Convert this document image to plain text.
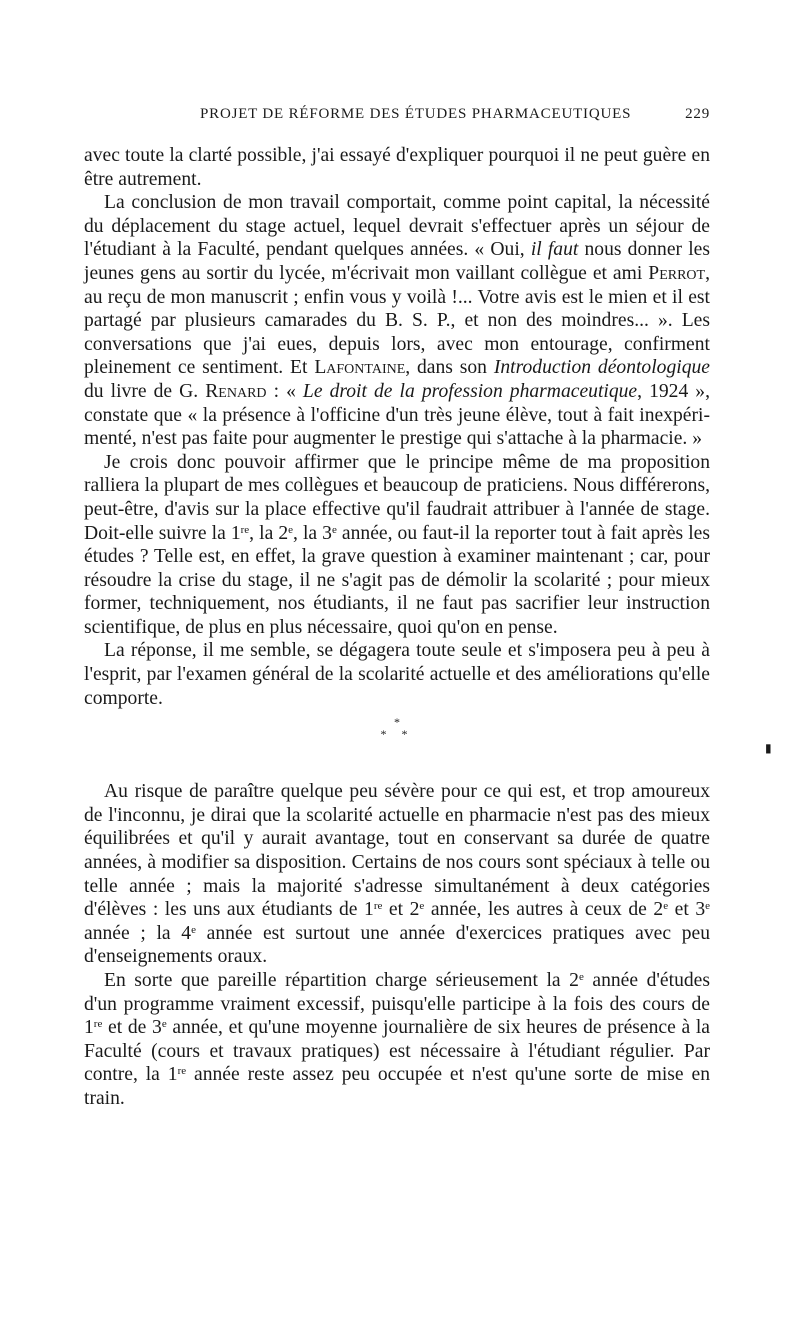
PROJET DE RÉFORME DES ÉTUDES PHARMACEUTIQUES	229

avec toute la clarté possible, j'ai essayé d'expliquer pourquoi il ne peut guère en être autrement.

La conclusion de mon travail comportait, comme point capital, la nécessité du déplacement du stage actuel, lequel devrait s'effectuer après un séjour de l'étudiant à la Faculté, pendant quelques années. « Oui, il faut nous donner les jeunes gens au sortir du lycée, m'écrivait mon vaillant collègue et ami Perrot, au reçu de mon manuscrit ; enfin vous y voilà !... Votre avis est le mien et il est partagé par plusieurs camarades du B. S. P., et non des moindres... ». Les conversations que j'ai eues, depuis lors, avec mon entourage, confirment pleinement ce sentiment. Et Lafontaine, dans son Introduction déontologique du livre de G. Renard : « Le droit de la profession pharmaceutique, 1924 », constate que « la présence à l'officine d'un très jeune élève, tout à fait inexpérimenté, n'est pas faite pour augmenter le prestige qui s'attache à la pharmacie. »

Je crois donc pouvoir affirmer que le principe même de ma proposition ralliera la plupart de mes collègues et beaucoup de praticiens. Nous différerons, peut-être, d'avis sur la place effective qu'il faudrait attribuer à l'année de stage. Doit-elle suivre la 1re, la 2e, la 3e année, ou faut-il la reporter tout à fait après les études ? Telle est, en effet, la grave question à examiner maintenant ; car, pour résoudre la crise du stage, il ne s'agit pas de démolir la scolarité ; pour mieux former, techniquement, nos étudiants, il ne faut pas sacrifier leur instruction scientifique, de plus en plus nécessaire, quoi qu'on en pense.

La réponse, il me semble, se dégagera toute seule et s'imposera peu à peu à l'esprit, par l'examen général de la scolarité actuelle et des améliorations qu'elle comporte.

*
* *

Au risque de paraître quelque peu sévère pour ce qui est, et trop amoureux de l'inconnu, je dirai que la scolarité actuelle en pharmacie n'est pas des mieux équilibrées et qu'il y aurait avantage, tout en conservant sa durée de quatre années, à modifier sa disposition. Certains de nos cours sont spéciaux à telle ou telle année ; mais la majorité s'adresse simultanément à deux catégories d'élèves : les uns aux étudiants de 1re et 2e année, les autres à ceux de 2e et 3e année ; la 4e année est surtout une année d'exercices pratiques avec peu d'enseignements oraux.

En sorte que pareille répartition charge sérieusement la 2e année d'études d'un programme vraiment excessif, puisqu'elle participe à la fois des cours de 1re et de 3e année, et qu'une moyenne journalière de six heures de présence à la Faculté (cours et travaux pratiques) est nécessaire à l'étudiant régulier. Par contre, la 1re année reste assez peu occupée et n'est qu'une sorte de mise en train.

▮
